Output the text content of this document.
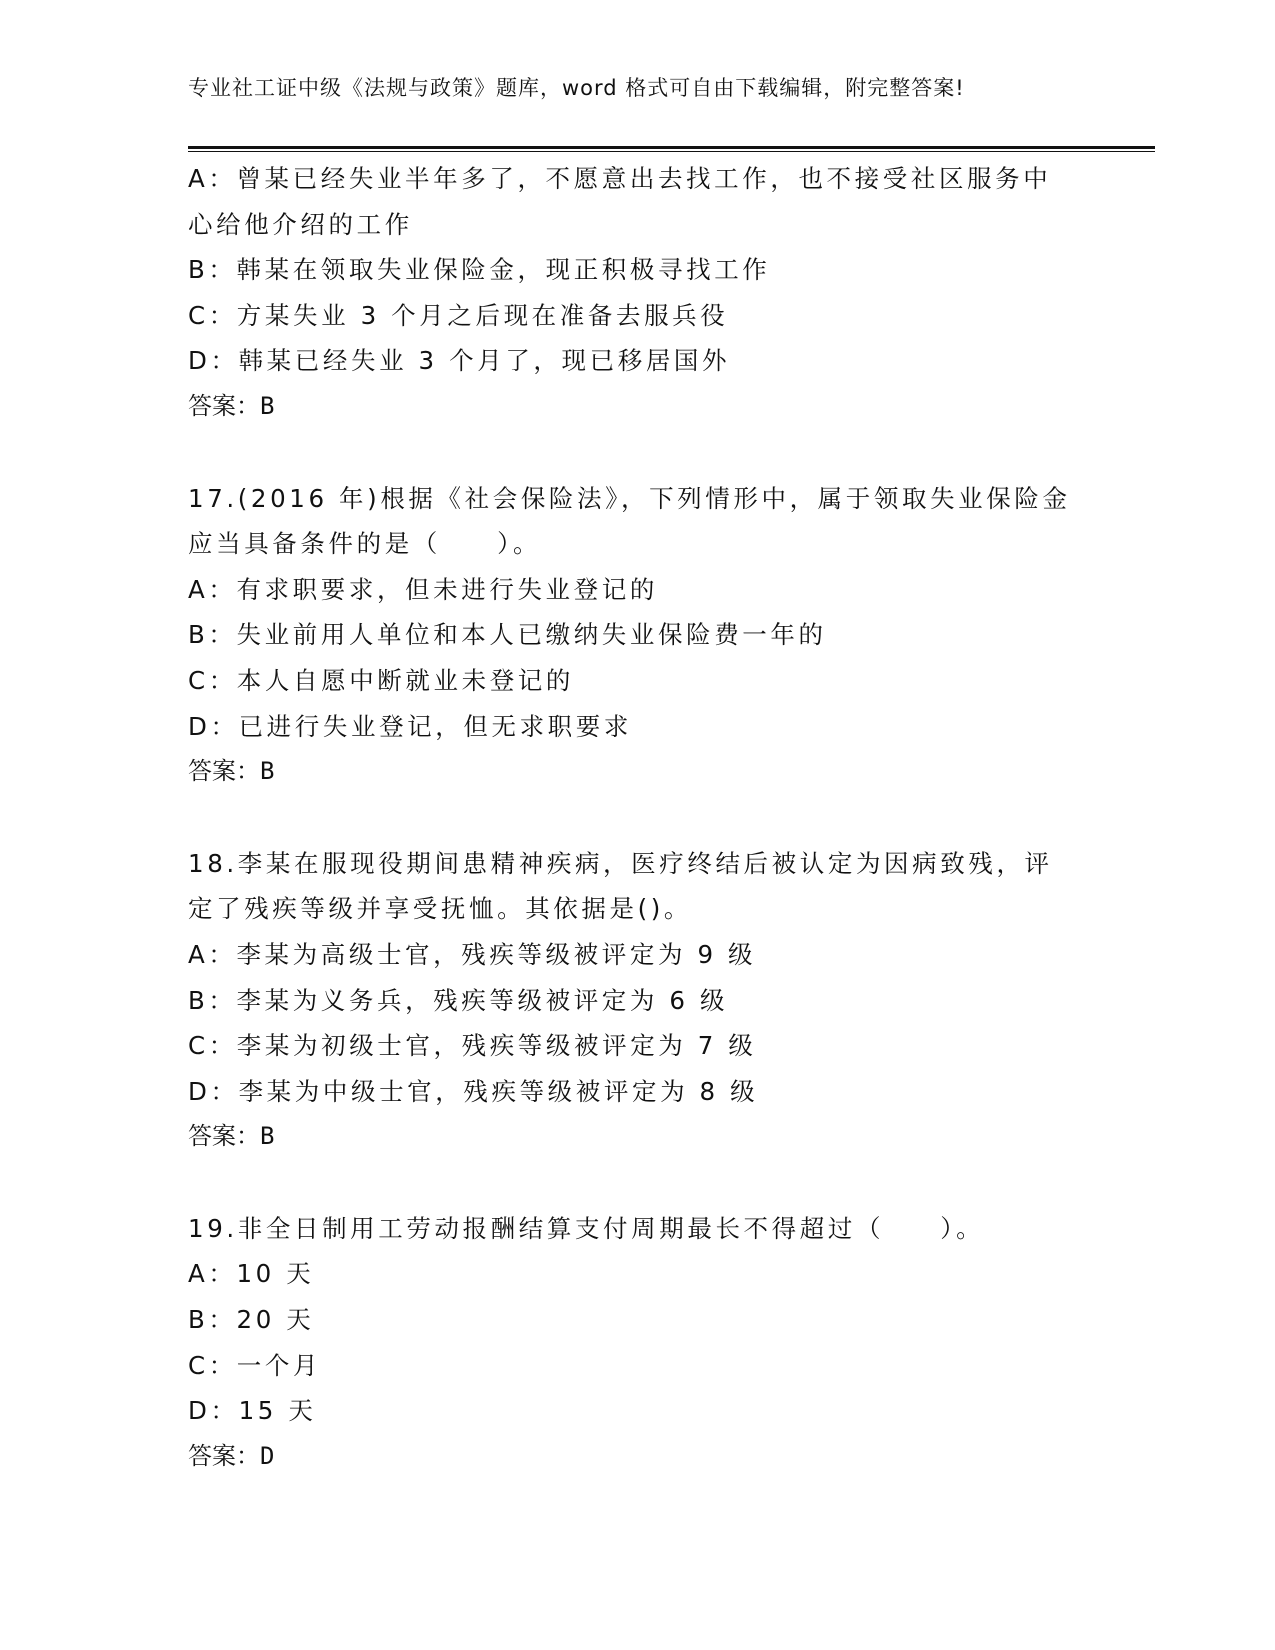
专业社工证中级《法规与政策》题库，word 格式可自由下载编辑，附完整答案!
A：曾某已经失业半年多了，不愿意出去找工作，也不接受社区服务中
心给他介绍的工作
B：韩某在领取失业保险金，现正积极寻找工作
C：方某失业 3 个月之后现在准备去服兵役
D：韩某已经失业 3 个月了，现已移居国外
答案：B
17.(2016 年)根据《社会保险法》，下列情形中，属于领取失业保险金
应当具备条件的是（　　）。
A：有求职要求，但未进行失业登记的
B：失业前用人单位和本人已缴纳失业保险费一年的
C：本人自愿中断就业未登记的
D：已进行失业登记，但无求职要求
答案：B
18.李某在服现役期间患精神疾病，医疗终结后被认定为因病致残，评
定了残疾等级并享受抚恤。其依据是()。
A：李某为高级士官，残疾等级被评定为 9 级
B：李某为义务兵，残疾等级被评定为 6 级
C：李某为初级士官，残疾等级被评定为 7 级
D：李某为中级士官，残疾等级被评定为 8 级
答案：B
19.非全日制用工劳动报酬结算支付周期最长不得超过（　　）。
A：10 天
B：20 天
C：一个月
D：15 天
答案：D
